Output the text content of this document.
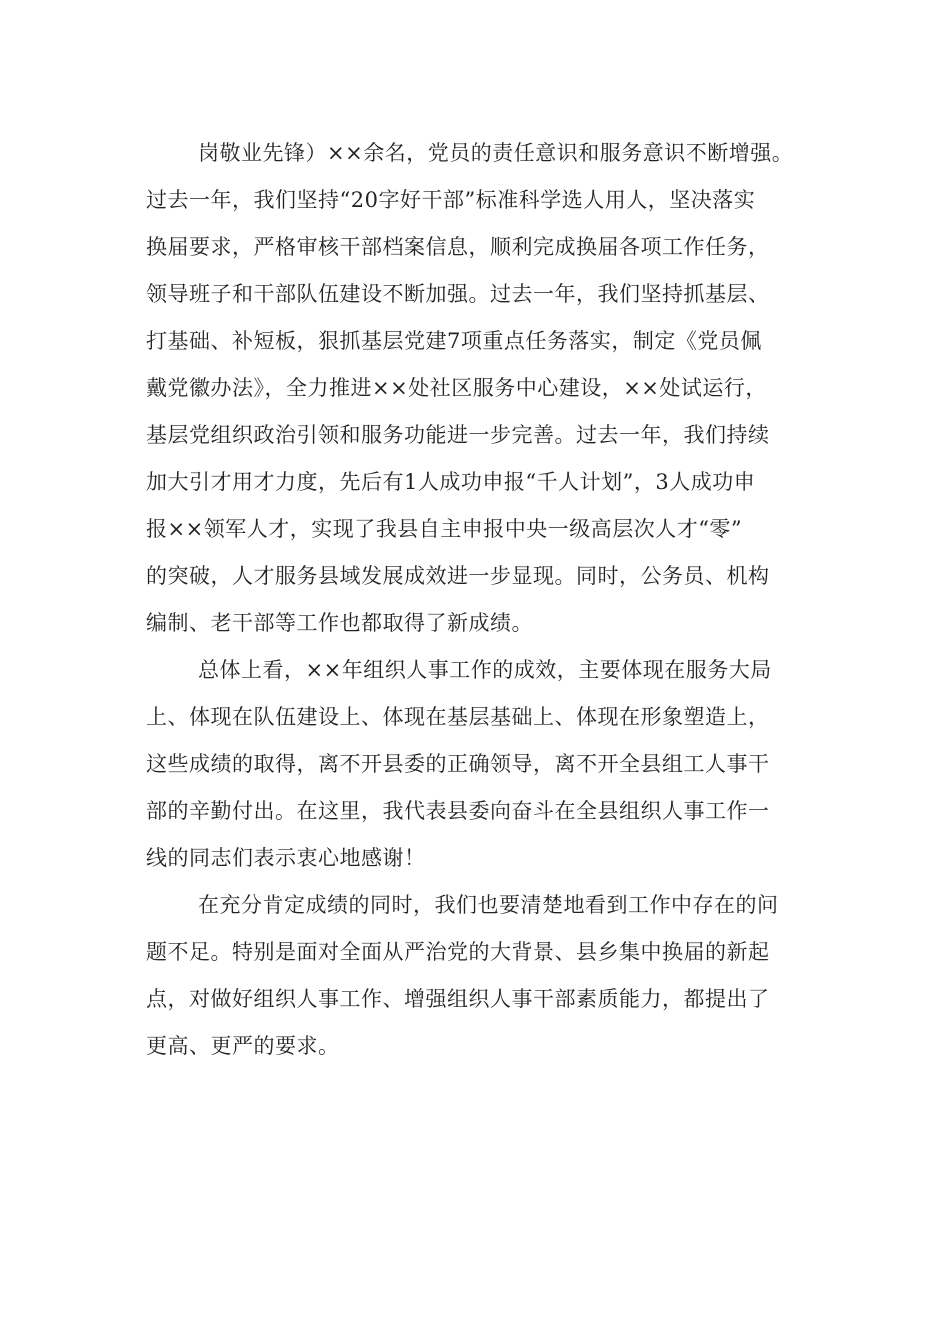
岗敬业先锋）××余名，党员的责任意识和服务意识不断增强。
过去一年，我们坚持“20字好干部”标准科学选人用人，坚决落实
换届要求，严格审核干部档案信息，顺利完成换届各项工作任务，
领导班子和干部队伍建设不断加强。过去一年，我们坚持抓基层、
打基础、补短板，狠抓基层党建7项重点任务落实，制定《党员佩
戴党徽办法》，全力推进××处社区服务中心建设，××处试运行，
基层党组织政治引领和服务功能进一步完善。过去一年，我们持续
加大引才用才力度，先后有1人成功申报“千人计划”，3人成功申
报××领军人才，实现了我县自主申报中央一级高层次人才“零”
的突破，人才服务县域发展成效进一步显现。同时，公务员、机构
编制、老干部等工作也都取得了新成绩。
总体上看，××年组织人事工作的成效，主要体现在服务大局
上、体现在队伍建设上、体现在基层基础上、体现在形象塑造上，
这些成绩的取得，离不开县委的正确领导，离不开全县组工人事干
部的辛勤付出。在这里，我代表县委向奋斗在全县组织人事工作一
线的同志们表示衷心地感谢！
在充分肯定成绩的同时，我们也要清楚地看到工作中存在的问
题不足。特别是面对全面从严治党的大背景、县乡集中换届的新起
点，对做好组织人事工作、增强组织人事干部素质能力，都提出了
更高、更严的要求。
